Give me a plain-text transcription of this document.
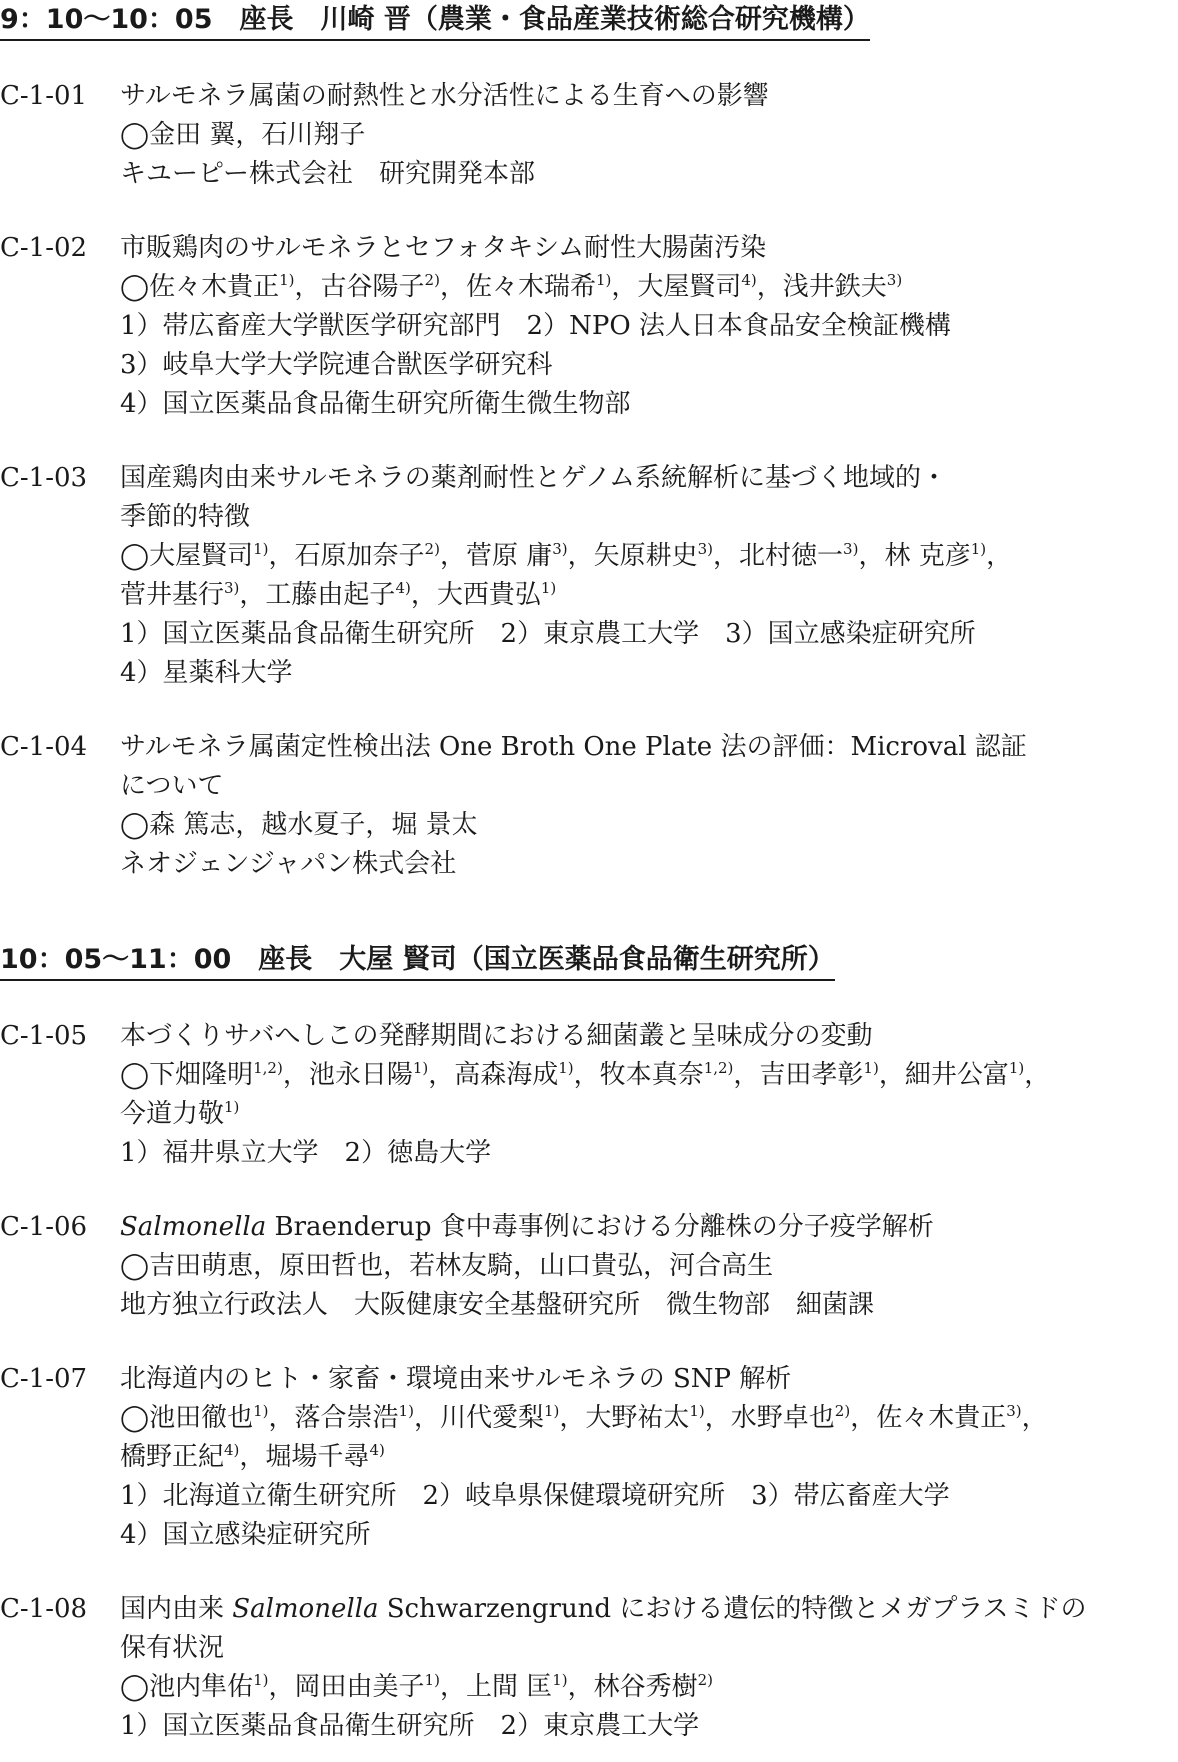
9：10〜10：05　座長　川崎 晋（農業・食品産業技術総合研究機構）
C-1-01 サルモネラ属菌の耐熱性と水分活性による生育への影響
◯金田 翼，石川翔子
キユーピー株式会社　研究開発本部
C-1-02 市販鶏肉のサルモネラとセフォタキシム耐性大腸菌汚染
◯佐々木貴正$^{1)}$，古谷陽子$^{2)}$，佐々木瑞希$^{1)}$，大屋賢司$^{4)}$，浅井鉄夫$^{3)}$
1）帯広畜産大学獣医学研究部門　2）NPO 法人日本食品安全検証機構
3）岐阜大学大学院連合獣医学研究科
4）国立医薬品食品衛生研究所衛生微生物部
C-1-03 国産鶏肉由来サルモネラの薬剤耐性とゲノム系統解析に基づく地域的・
季節的特徴
◯大屋賢司$^{1)}$，石原加奈子$^{2)}$，菅原 庸$^{3)}$，矢原耕史$^{3)}$，北村徳一$^{3)}$，林 克彦$^{1)}$，
菅井基行$^{3)}$，工藤由起子$^{4)}$，大西貴弘$^{1)}$
1）国立医薬品食品衛生研究所　2）東京農工大学　3）国立感染症研究所
4）星薬科大学
C-1-04 サルモネラ属菌定性検出法 One Broth One Plate 法の評価：Microval 認証
について
◯森 篤志，越水夏子，堀 景太
ネオジェンジャパン株式会社
10：05〜11：00　座長　大屋 賢司（国立医薬品食品衛生研究所）
C-1-05 本づくりサバへしこの発酵期間における細菌叢と呈味成分の変動
◯下畑隆明$^{1,2)}$，池永日陽$^{1)}$，高森海成$^{1)}$，牧本真奈$^{1,2)}$，吉田孝彰$^{1)}$，細井公富$^{1)}$，
今道力敬$^{1)}$
1）福井県立大学　2）徳島大学
C-1-06 Salmonella Braenderup 食中毒事例における分離株の分子疫学解析
◯吉田萌恵，原田哲也，若林友騎，山口貴弘，河合高生
地方独立行政法人　大阪健康安全基盤研究所　微生物部　細菌課
C-1-07 北海道内のヒト・家畜・環境由来サルモネラの SNP 解析
◯池田徹也$^{1)}$，落合崇浩$^{1)}$，川代愛梨$^{1)}$，大野祐太$^{1)}$，水野卓也$^{2)}$，佐々木貴正$^{3)}$，
橋野正紀$^{4)}$，堀場千尋$^{4)}$
1）北海道立衛生研究所　2）岐阜県保健環境研究所　3）帯広畜産大学
4）国立感染症研究所
C-1-08 国内由来 Salmonella Schwarzengrund における遺伝的特徴とメガプラスミドの
保有状況
◯池内隼佑$^{1)}$，岡田由美子$^{1)}$，上間 匡$^{1)}$，林谷秀樹$^{2)}$
1）国立医薬品食品衛生研究所　2）東京農工大学
